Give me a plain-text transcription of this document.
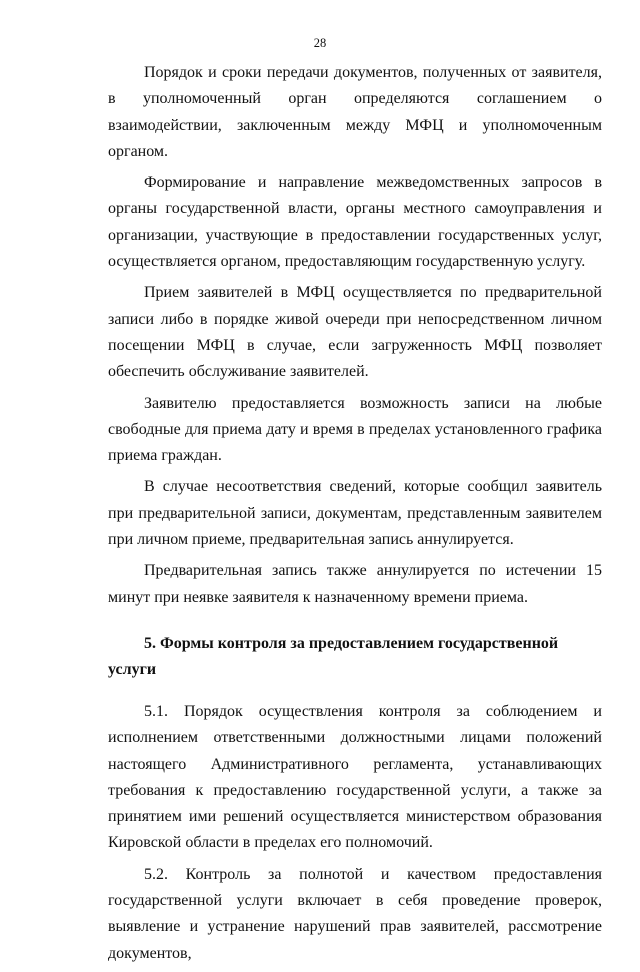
28

Порядок и сроки передачи документов, полученных от заявителя, в уполномоченный орган определяются соглашением о взаимодействии, заключенным между МФЦ и уполномоченным органом.

Формирование и направление межведомственных запросов в органы государственной власти, органы местного самоуправления и организации, участвующие в предоставлении государственных услуг, осуществляется органом, предоставляющим государственную услугу.

Прием заявителей в МФЦ осуществляется по предварительной записи либо в порядке живой очереди при непосредственном личном посещении МФЦ в случае, если загруженность МФЦ позволяет обеспечить обслуживание заявителей.

Заявителю предоставляется возможность записи на любые свободные для приема дату и время в пределах установленного графика приема граждан.

В случае несоответствия сведений, которые сообщил заявитель при предварительной записи, документам, представленным заявителем при личном приеме, предварительная запись аннулируется.

Предварительная запись также аннулируется по истечении 15 минут при неявке заявителя к назначенному времени приема.

5. Формы контроля за предоставлением государственной услуги

5.1. Порядок осуществления контроля за соблюдением и исполнением ответственными должностными лицами положений настоящего Административного регламента, устанавливающих требования к предоставлению государственной услуги, а также за принятием ими решений осуществляется министерством образования Кировской области в пределах его полномочий.

5.2. Контроль за полнотой и качеством предоставления государственной услуги включает в себя проведение проверок, выявление и устранение нарушений прав заявителей, рассмотрение документов,
